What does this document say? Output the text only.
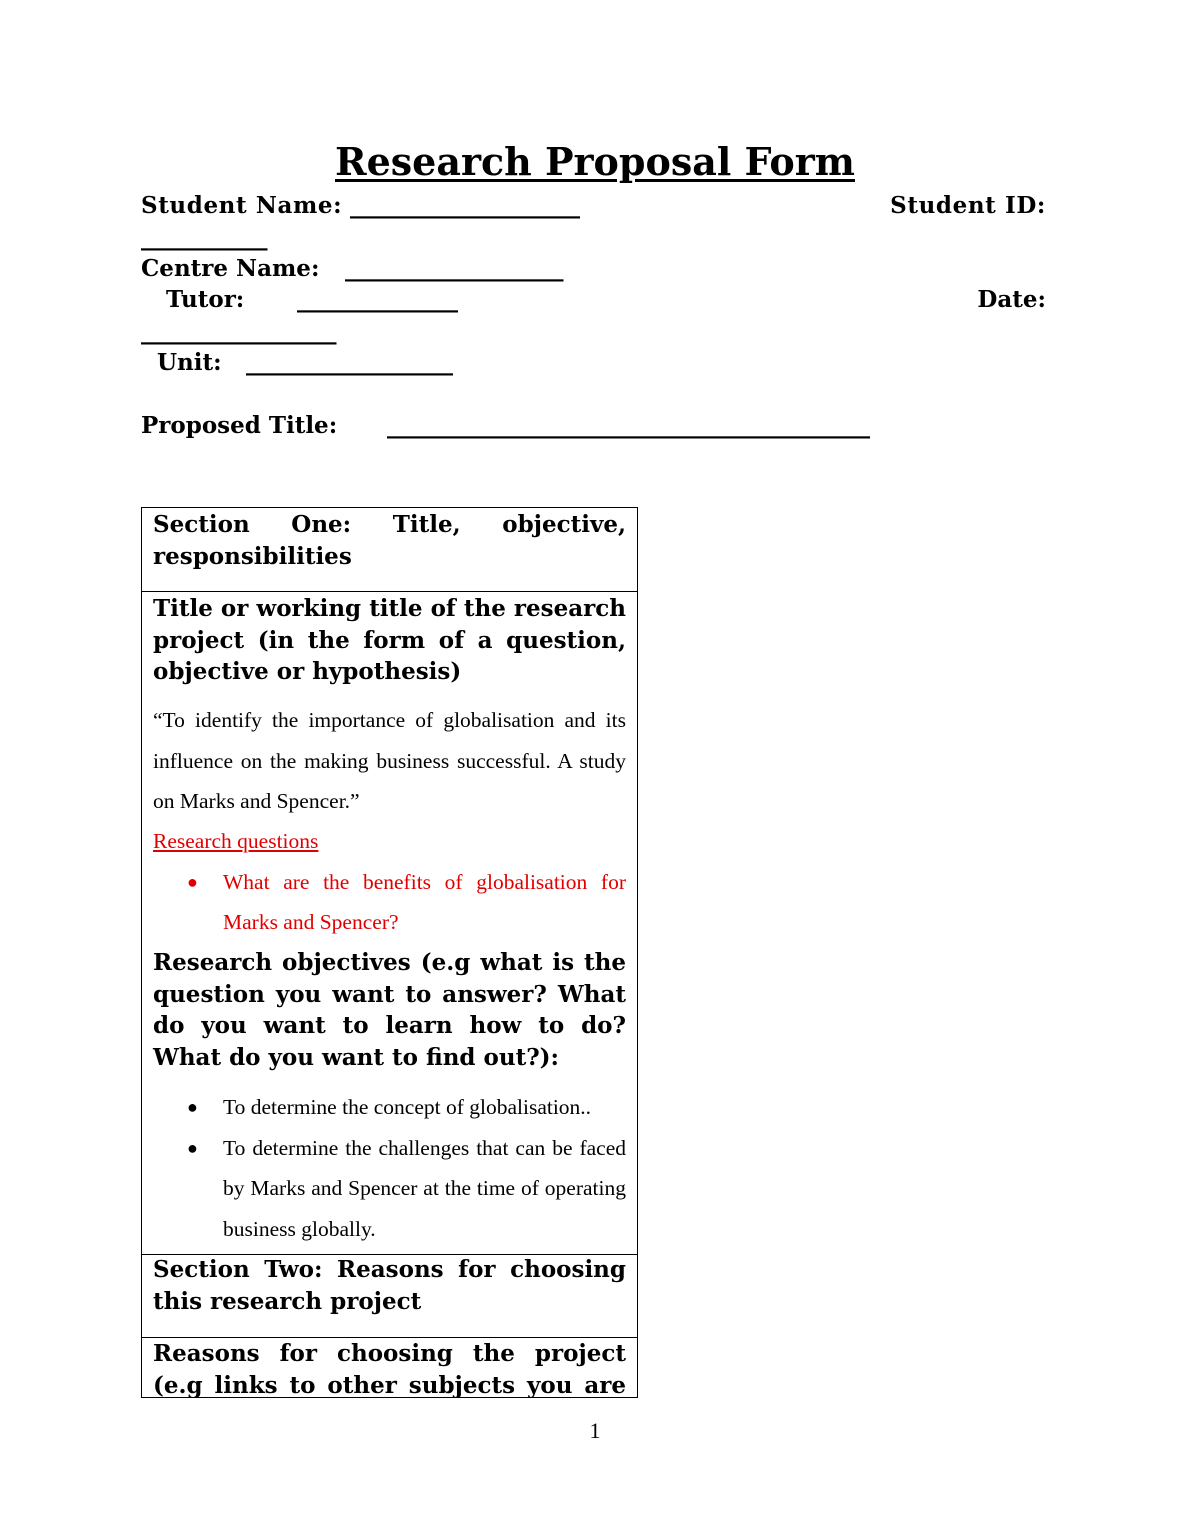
Research Proposal Form
Student Name: ____________________	Student ID:
___________
Centre Name: ___________________
Tutor: ______________	Date:
_________________
Unit: __________________
Proposed Title: __________________________________________
Section One: Title, objective, responsibilities
Title or working title of the research project (in the form of a question, objective or hypothesis)
“To identify the importance of globalisation and its influence on the making business successful. A study on Marks and Spencer.”
Research questions
● What are the benefits of globalisation for Marks and Spencer?
Research objectives (e.g what is the question you want to answer? What do you want to learn how to do? What do you want to find out?):
● To determine the concept of globalisation..
● To determine the challenges that can be faced by Marks and Spencer at the time of operating business globally.
Section Two: Reasons for choosing this research project
Reasons for choosing the project (e.g links to other subjects you are
1
